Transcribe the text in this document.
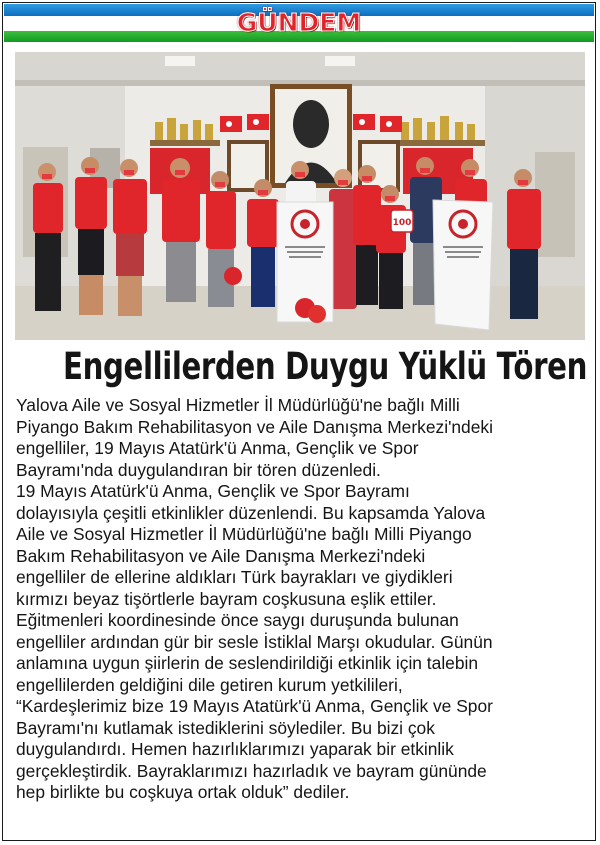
GÜNDEM
100
Engellilerden Duygu Yüklü Tören
Yalova Aile ve Sosyal Hizmetler İl Müdürlüğü'ne bağlı Milli
Piyango Bakım Rehabilitasyon ve Aile Danışma Merkezi'ndeki
engelliler, 19 Mayıs Atatürk'ü Anma, Gençlik ve Spor
Bayramı'nda duygulandıran bir tören düzenledi.
19 Mayıs Atatürk'ü Anma, Gençlik ve Spor Bayramı
dolayısıyla çeşitli etkinlikler düzenlendi. Bu kapsamda Yalova
Aile ve Sosyal Hizmetler İl Müdürlüğü'ne bağlı Milli Piyango
Bakım Rehabilitasyon ve Aile Danışma Merkezi'ndeki
engelliler de ellerine aldıkları Türk bayrakları ve giydikleri
kırmızı beyaz tişörtlerle bayram coşkusuna eşlik ettiler.
Eğitmenleri koordinesinde önce saygı duruşunda bulunan
engelliler ardından gür bir sesle İstiklal Marşı okudular. Günün
anlamına uygun şiirlerin de seslendirildiği etkinlik için talebin
engellilerden geldiğini dile getiren kurum yetkilileri,
“Kardeşlerimiz bize 19 Mayıs Atatürk'ü Anma, Gençlik ve Spor
Bayramı'nı kutlamak istediklerini söylediler. Bu bizi çok
duygulandırdı. Hemen hazırlıklarımızı yaparak bir etkinlik
gerçekleştirdik. Bayraklarımızı hazırladık ve bayram gününde
hep birlikte bu coşkuya ortak olduk” dediler.
